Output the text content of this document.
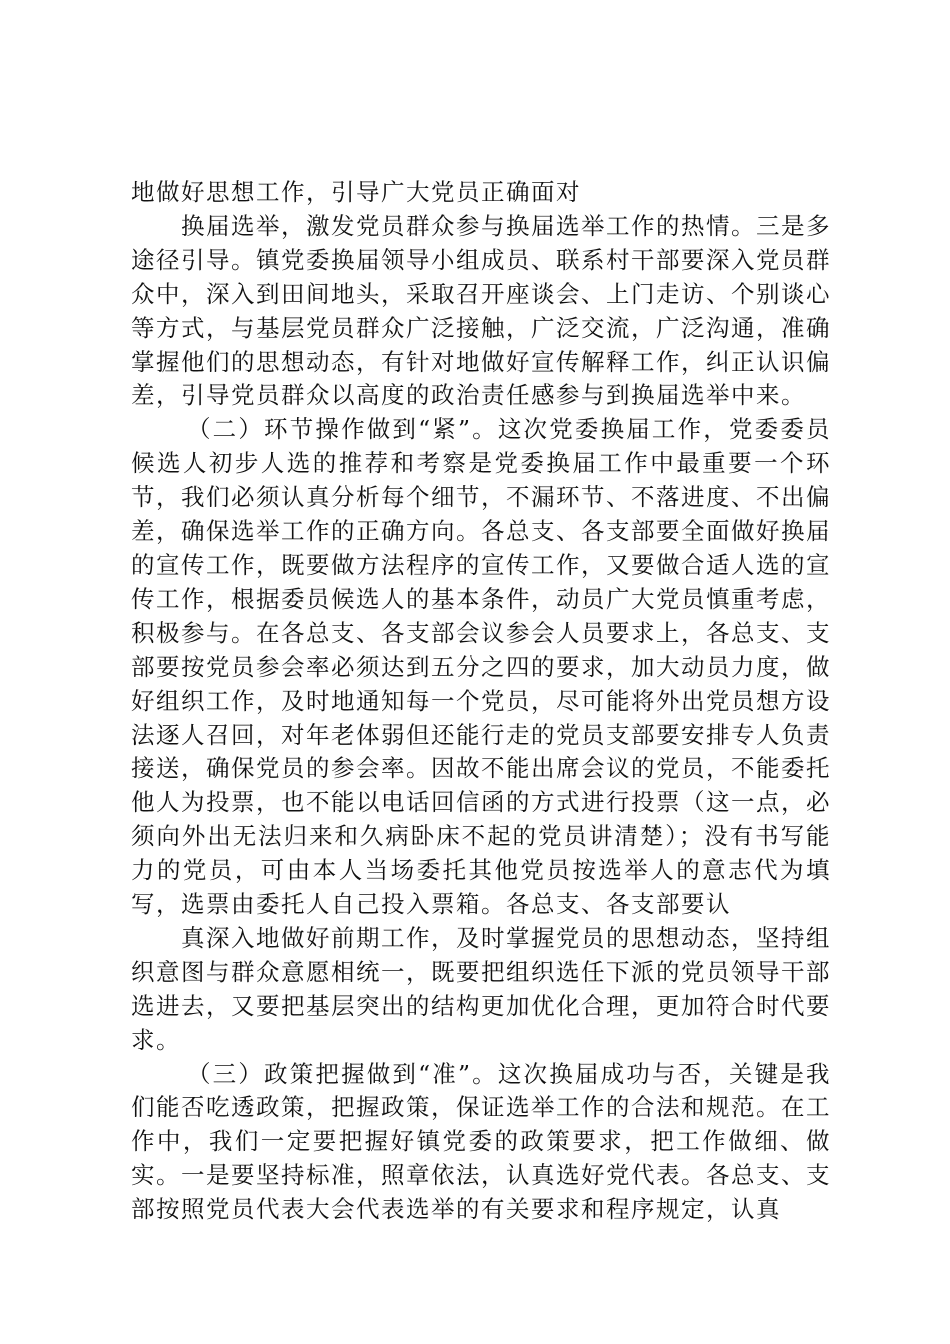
地做好思想工作，引导广大党员正确面对

换届选举，激发党员群众参与换届选举工作的热情。三是多途径引导。镇党委换届领导小组成员、联系村干部要深入党员群众中，深入到田间地头，采取召开座谈会、上门走访、个别谈心等方式，与基层党员群众广泛接触，广泛交流，广泛沟通，准确掌握他们的思想动态，有针对地做好宣传解释工作，纠正认识偏差，引导党员群众以高度的政治责任感参与到换届选举中来。

（二）环节操作做到“紧”。这次党委换届工作，党委委员候选人初步人选的推荐和考察是党委换届工作中最重要一个环节，我们必须认真分析每个细节，不漏环节、不落进度、不出偏差，确保选举工作的正确方向。各总支、各支部要全面做好换届的宣传工作，既要做方法程序的宣传工作，又要做合适人选的宣传工作，根据委员候选人的基本条件，动员广大党员慎重考虑，积极参与。在各总支、各支部会议参会人员要求上，各总支、支部要按党员参会率必须达到五分之四的要求，加大动员力度，做好组织工作，及时地通知每一个党员，尽可能将外出党员想方设法逐人召回，对年老体弱但还能行走的党员支部要安排专人负责接送，确保党员的参会率。因故不能出席会议的党员，不能委托他人为投票，也不能以电话回信函的方式进行投票（这一点，必须向外出无法归来和久病卧床不起的党员讲清楚）；没有书写能力的党员，可由本人当场委托其他党员按选举人的意志代为填写，选票由委托人自己投入票箱。各总支、各支部要认

真深入地做好前期工作，及时掌握党员的思想动态，坚持组织意图与群众意愿相统一，既要把组织选任下派的党员领导干部选进去，又要把基层突出的结构更加优化合理，更加符合时代要求。

（三）政策把握做到“准”。这次换届成功与否，关键是我们能否吃透政策，把握政策，保证选举工作的合法和规范。在工作中，我们一定要把握好镇党委的政策要求，把工作做细、做实。一是要坚持标准，照章依法，认真选好党代表。各总支、支部按照党员代表大会代表选举的有关要求和程序规定，认真
